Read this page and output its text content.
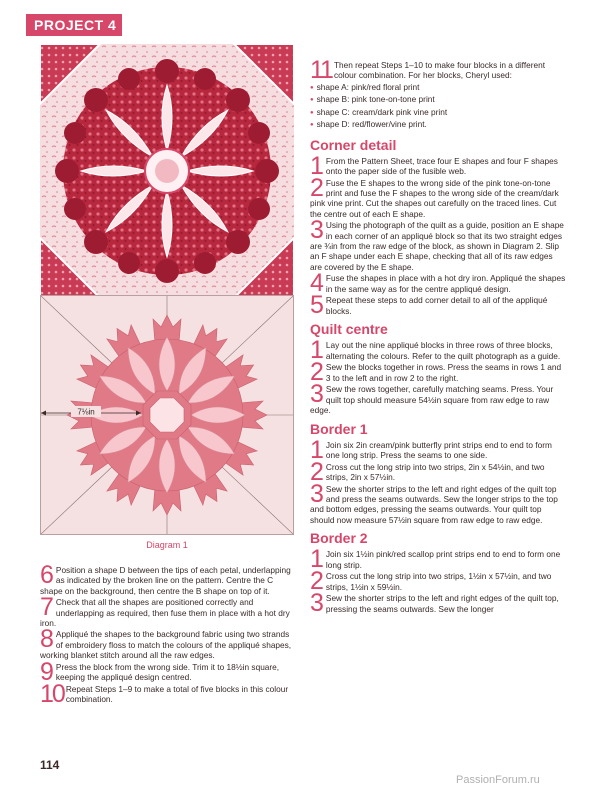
PROJECT 4
7⅛in
Diagram 1
6 Position a shape D between the tips of each petal, underlapping as indicated by the broken line on the pattern. Centre the C shape on the background, then centre the B shape on top of it.
7 Check that all the shapes are positioned correctly and underlapping as required, then fuse them in place with a hot dry iron.
8 Appliqué the shapes to the background fabric using two strands of embroidery floss to match the colours of the appliqué shapes, working blanket stitch around all the raw edges.
9 Press the block from the wrong side. Trim it to 18½in square, keeping the appliqué design centred.
10 Repeat Steps 1–9 to make a total of five blocks in this colour combination.
11 Then repeat Steps 1–10 to make four blocks in a different colour combination. For her blocks, Cheryl used:
● shape A: pink/red floral print
● shape B: pink tone-on-tone print
● shape C: cream/dark pink vine print
● shape D: red/flower/vine print.
Corner detail
1 From the Pattern Sheet, trace four E shapes and four F shapes onto the paper side of the fusible web.
2 Fuse the E shapes to the wrong side of the pink tone-on-tone print and fuse the F shapes to the wrong side of the cream/dark pink vine print. Cut the shapes out carefully on the traced lines. Cut the centre out of each E shape.
3 Using the photograph of the quilt as a guide, position an E shape in each corner of an appliqué block so that its two straight edges are ¾in from the raw edge of the block, as shown in Diagram 2. Slip an F shape under each E shape, checking that all of its raw edges are covered by the E shape.
4 Fuse the shapes in place with a hot dry iron. Appliqué the shapes in the same way as for the centre appliqué design.
5 Repeat these steps to add corner detail to all of the appliqué blocks.
Quilt centre
1 Lay out the nine appliqué blocks in three rows of three blocks, alternating the colours. Refer to the quilt photograph as a guide.
2 Sew the blocks together in rows. Press the seams in rows 1 and 3 to the left and in row 2 to the right.
3 Sew the rows together, carefully matching seams. Press. Your quilt top should measure 54½in square from raw edge to raw edge.
Border 1
1 Join six 2in cream/pink butterfly print strips end to end to form one long strip. Press the seams to one side.
2 Cross cut the long strip into two strips, 2in x 54½in, and two strips, 2in x 57½in.
3 Sew the shorter strips to the left and right edges of the quilt top and press the seams outwards. Sew the longer strips to the top and bottom edges, pressing the seams outwards. Your quilt top should now measure 57½in square from raw edge to raw edge.
Border 2
1 Join six 1½in pink/red scallop print strips end to end to form one long strip.
2 Cross cut the long strip into two strips, 1½in x 57½in, and two strips, 1½in x 59½in.
3 Sew the shorter strips to the left and right edges of the quilt top, pressing the seams outwards. Sew the longer
114
PassionForum.ru
